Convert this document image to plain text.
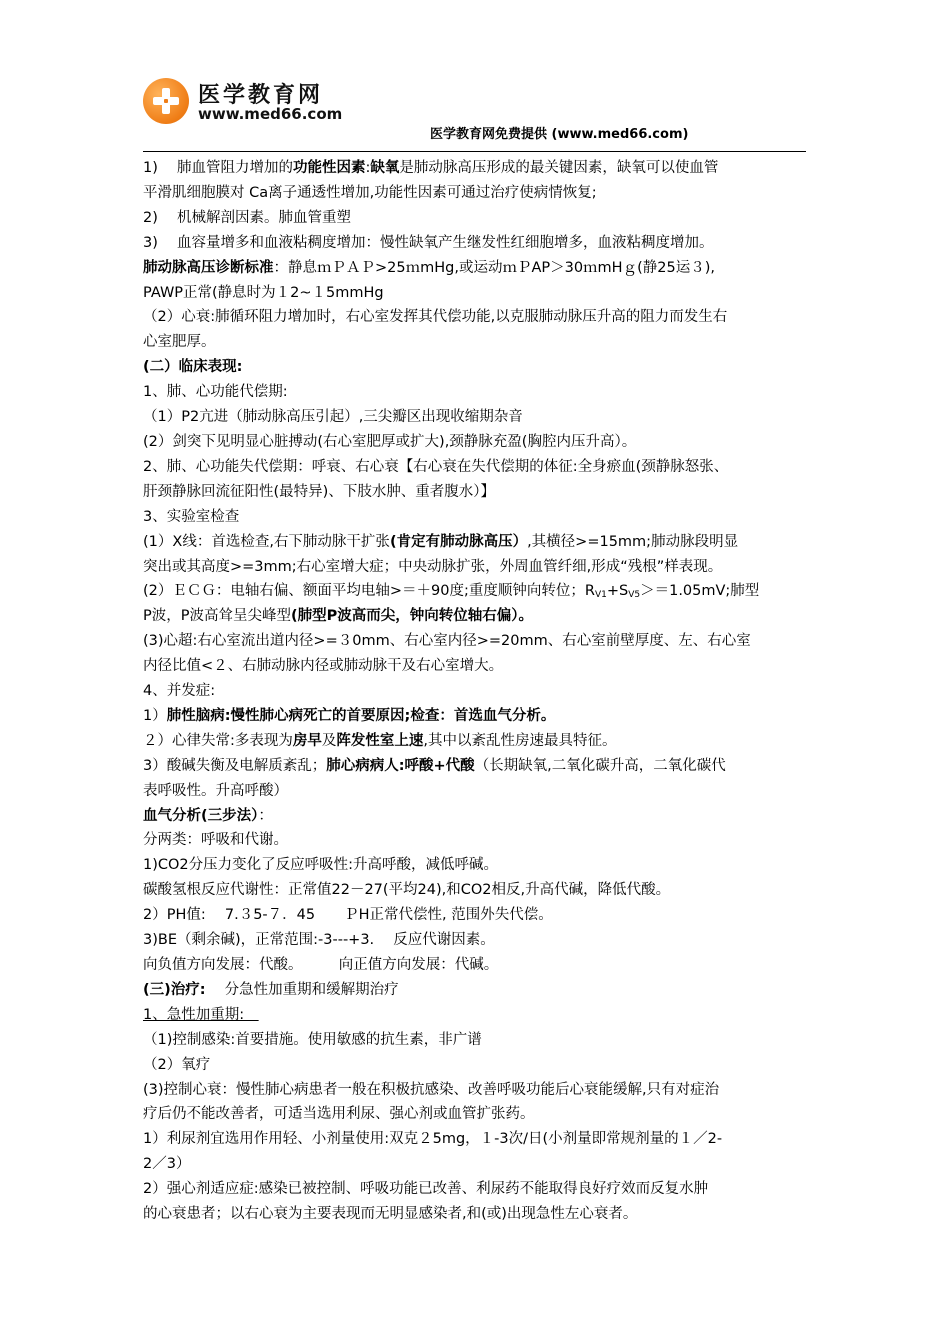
医学教育网
www.med66.com
医学教育网免费提供 (www.med66.com)

1)　 肺血管阻力增加的功能性因素:缺氧是肺动脉高压形成的最关键因素，缺氧可以使血管

平滑肌细胞膜对 Ca离子通透性增加,功能性因素可通过治疗使病情恢复;

2)　 机械解剖因素。肺血管重塑

3)　 血容量增多和血液粘稠度增加：慢性缺氧产生继发性红细胞增多，血液粘稠度增加。

肺动脉高压诊断标准：静息ｍＰＡＰ>25ｍmHg,或运动ｍＰAP＞30ｍmHｇ(静25运３),

PAWP正常(静息时为１2~１5mmHg

（2）心衰:肺循环阻力增加时，右心室发挥其代偿功能,以克服肺动脉压升高的阻力而发生右

心室肥厚。

(二）临床表现:

1、肺、心功能代偿期:

（1）P2亢进（肺动脉高压引起）,三尖瓣区出现收缩期杂音

(2）剑突下见明显心脏搏动(右心室肥厚或扩大),颈静脉充盈(胸腔内压升高）。

2、肺、心功能失代偿期：呼衰、右心衰【右心衰在失代偿期的体征:全身瘀血(颈静脉怒张、

肝颈静脉回流征阳性(最特异)、下肢水肿、重者腹水）】

3、实验室检查

(1）X线：首选检查,右下肺动脉干扩张(肯定有肺动脉高压）,其横径>=15mm;肺动脉段明显

突出或其高度>=3mm;右心室增大症；中央动脉扩张，外周血管纤细,形成“残根”样表现。

(2）ＥＣＧ：电轴右偏、额面平均电轴>＝＋90度;重度顺钟向转位；$R_{V1}+S_{V5}>=1.05mV$;肺型

P波，P波高耸呈尖峰型(肺型P波高而尖，钟向转位轴右偏）。

(3)心超:右心室流出道内径>=３0mm、右心室内径>=20mm、右心室前壁厚度、左、右心室

内径比值<２、右肺动脉内径或肺动脉干及右心室增大。

4、并发症:

1）肺性脑病:慢性肺心病死亡的首要原因;检查：首选血气分析。

２）心律失常:多表现为房早及阵发性室上速,其中以紊乱性房速最具特征。

3）酸碱失衡及电解质紊乱；肺心病病人:呼酸+代酸（长期缺氧,二氧化碳升高，二氧化碳代

表呼吸性。升高呼酸）

血气分析(三步法）：

分两类：呼吸和代谢。

1)CO2分压力变化了反应呼吸性:升高呼酸，减低呼碱。

碳酸氢根反应代谢性：正常值22－27(平均24),和CO2相反,升高代碱，降低代酸。

2）PH值:　 7.３5-７．45　　ＰH正常代偿性, 范围外失代偿。

3)BE（剩余碱)，正常范围:-3---+3.　 反应代谢因素。

向负值方向发展：代酸。　　　向正值方向发展：代碱。

(三)治疗:　 分急性加重期和缓解期治疗

1、急性加重期:　

（1)控制感染:首要措施。使用敏感的抗生素，非广谱

（2）氧疗

(3)控制心衰：慢性肺心病患者一般在积极抗感染、改善呼吸功能后心衰能缓解,只有对症治

疗后仍不能改善者，可适当选用利尿、强心剂或血管扩张药。

1）利尿剂宜选用作用轻、小剂量使用:双克２5mg，１-3次/日(小剂量即常规剂量的１／2-

2／3）

2）强心剂适应症:感染已被控制、呼吸功能已改善、利尿药不能取得良好疗效而反复水肿

的心衰患者；以右心衰为主要表现而无明显感染者,和(或)出现急性左心衰者。
